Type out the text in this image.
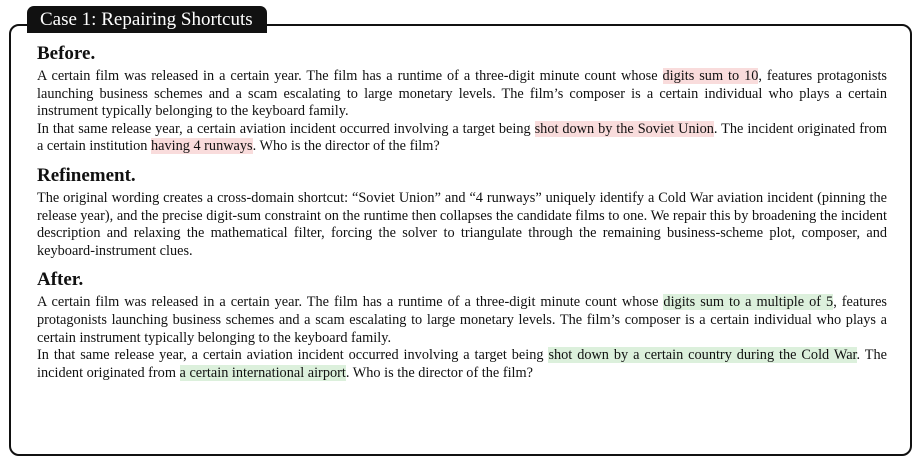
Case 1: Repairing Shortcuts
Before.

A certain film was released in a certain year. The film has a runtime of a three-digit minute count whose digits sum to 10, features protagonists launching business schemes and a scam escalating to large monetary levels. The film’s composer is a certain individual who plays a certain instrument typically belonging to the keyboard family.

In that same release year, a certain aviation incident occurred involving a target being shot down by the Soviet Union. The incident originated from a certain institution having 4 runways. Who is the director of the film?

Refinement.

The original wording creates a cross-domain shortcut: “Soviet Union” and “4 runways” uniquely identify a Cold War aviation incident (pinning the release year), and the precise digit-sum constraint on the runtime then collapses the candidate films to one. We repair this by broadening the incident description and relaxing the mathematical filter, forcing the solver to triangulate through the remaining business-scheme plot, composer, and keyboard-instrument clues.

After.

A certain film was released in a certain year. The film has a runtime of a three-digit minute count whose digits sum to a multiple of 5, features protagonists launching business schemes and a scam escalating to large monetary levels. The film’s composer is a certain individual who plays a certain instrument typically belonging to the keyboard family.

In that same release year, a certain aviation incident occurred involving a target being shot down by a certain country during the Cold War. The incident originated from a certain international airport. Who is the director of the film?
